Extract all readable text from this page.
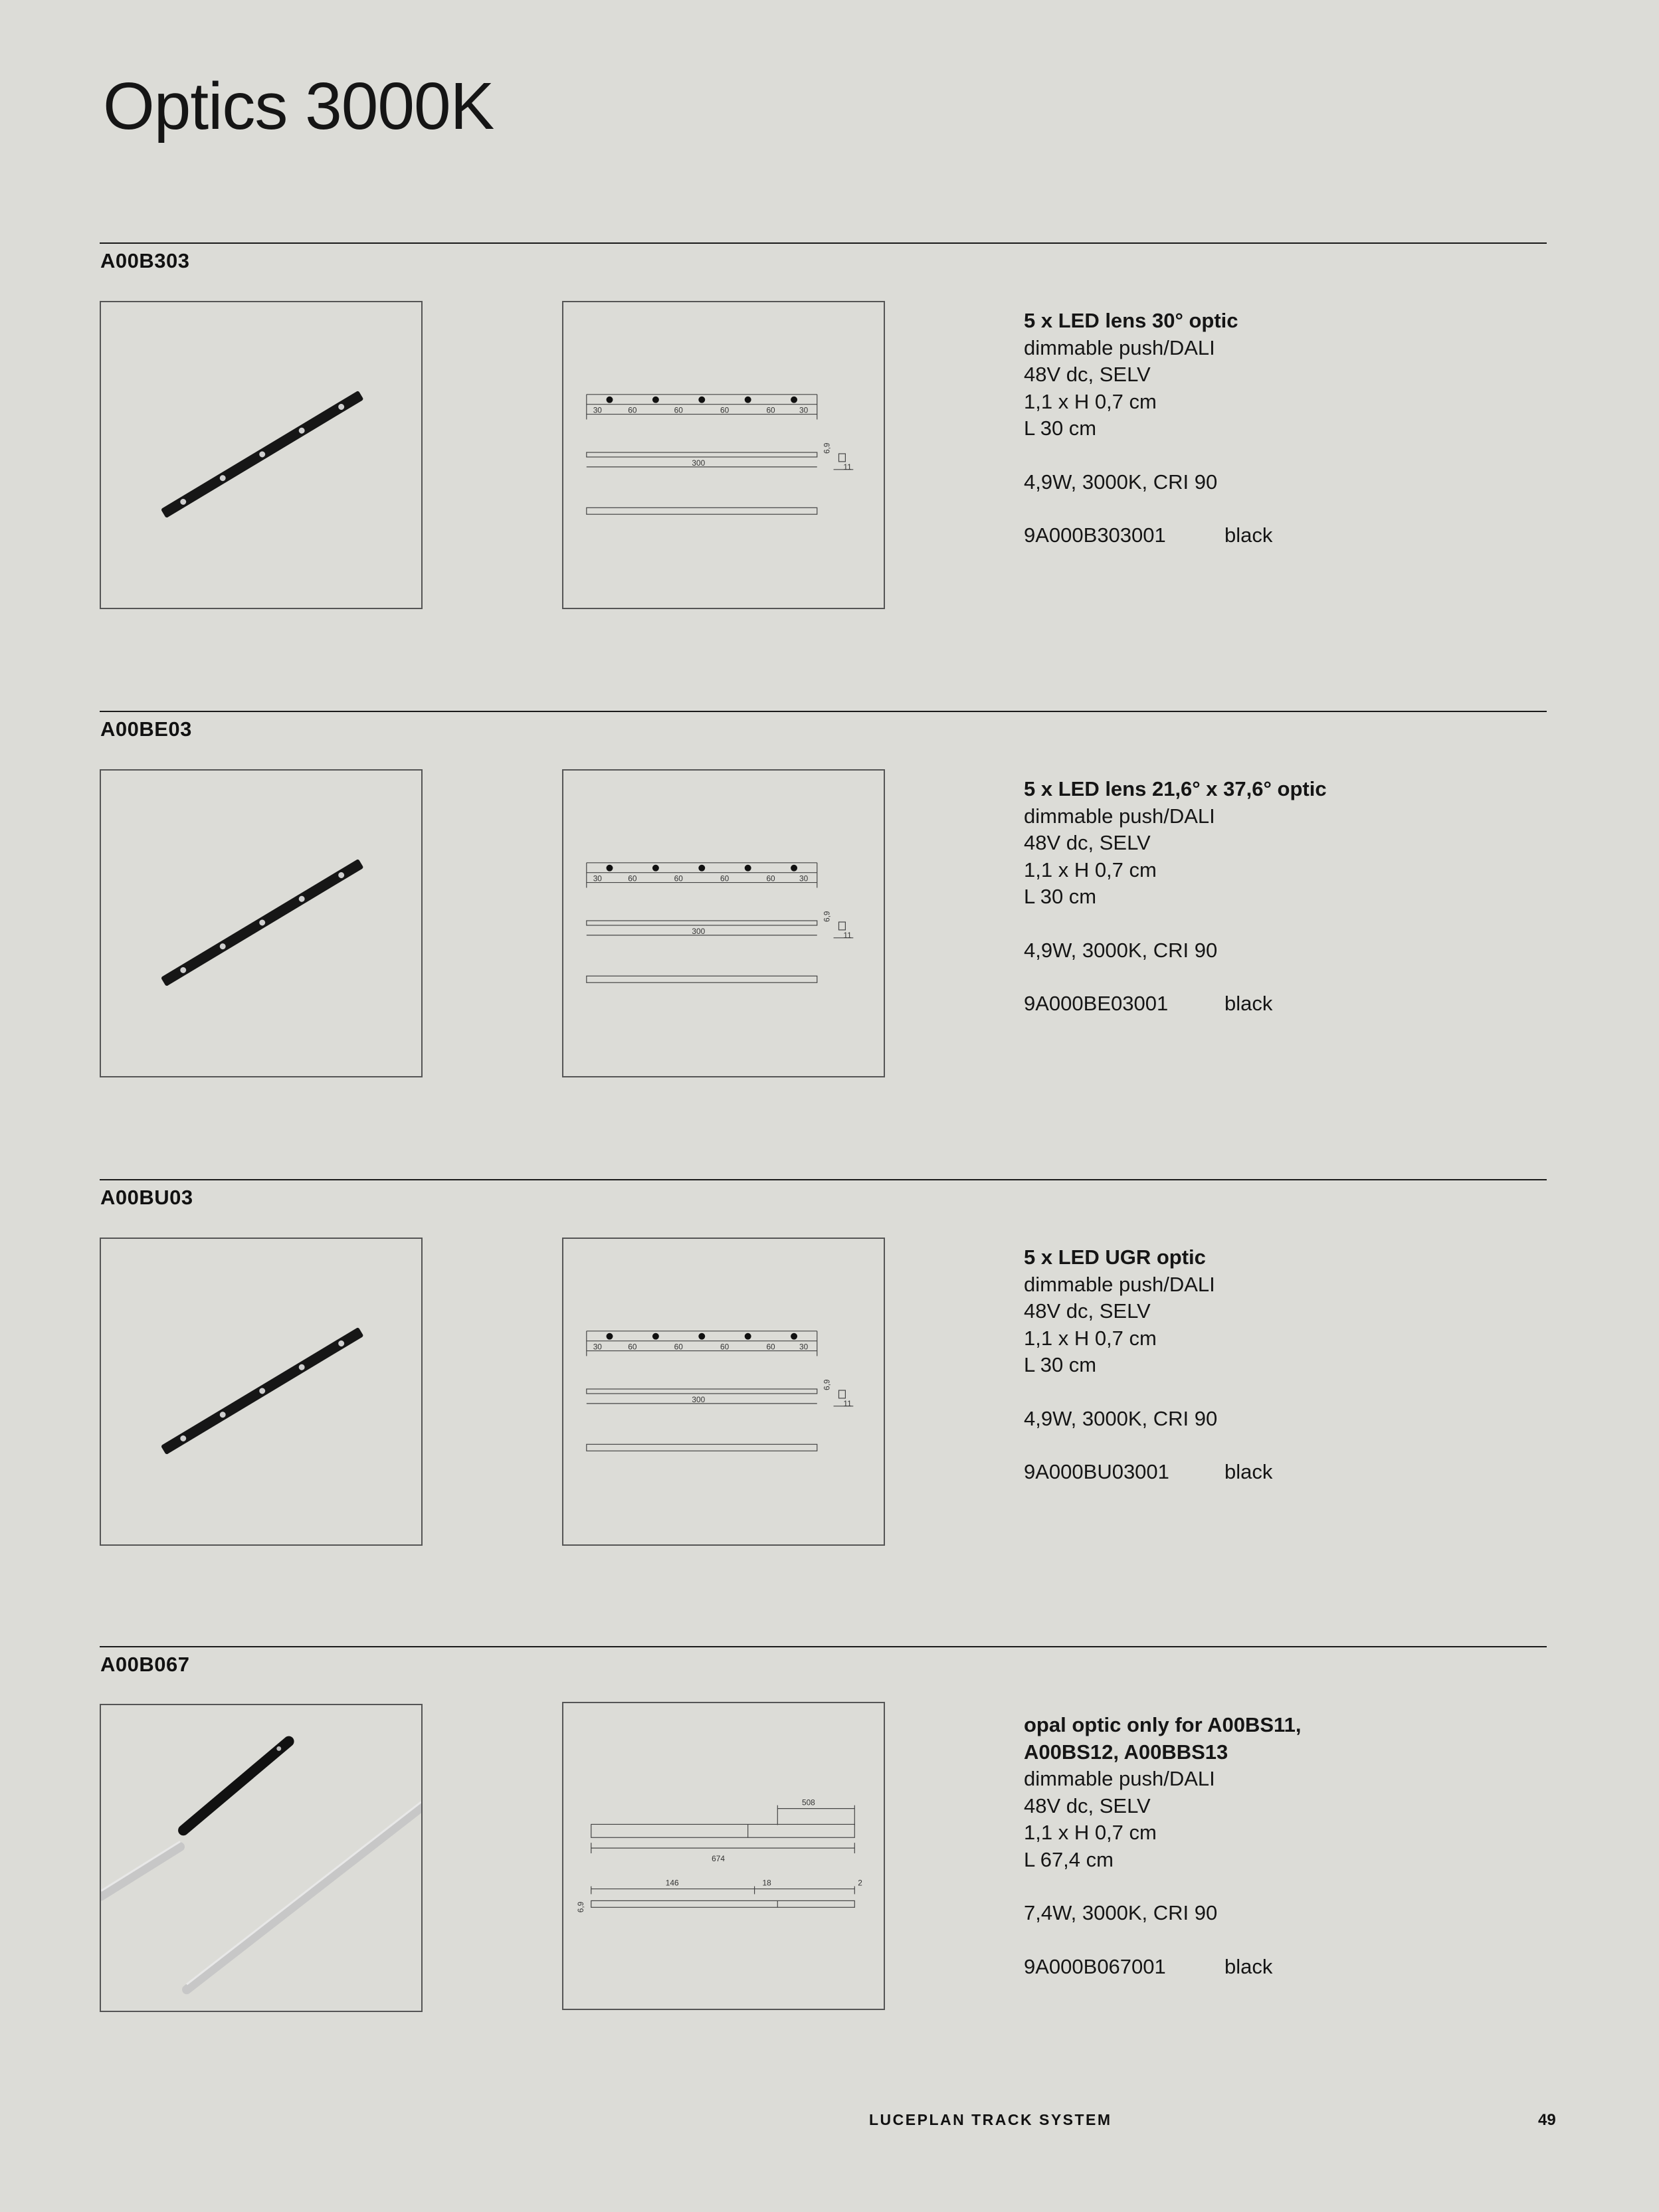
Optics 3000K
A00B303
30	60	60	60	60	30
300
6,9
11
5 x LED lens 30° optic
dimmable push/DALI
48V dc, SELV
1,1 x H 0,7 cm
L 30 cm
4,9W, 3000K, CRI 90
9A000B303001	black
A00BE03
30	60	60	60	60	30
300
6,9
11
5 x LED lens 21,6° x 37,6° optic
dimmable push/DALI
48V dc, SELV
1,1 x H 0,7 cm
L 30 cm
4,9W, 3000K, CRI 90
9A000BE03001	black
A00BU03
30	60	60	60	60	30
300
6,9
11
5 x LED UGR optic
dimmable push/DALI
48V dc, SELV
1,1 x H 0,7 cm
L 30 cm
4,9W, 3000K, CRI 90
9A000BU03001	black
A00B067
508
674
146	18	2
6,9
opal optic only for A00BS11,
A00BS12, A00BBS13
dimmable push/DALI
48V dc, SELV
1,1 x H 0,7 cm
L 67,4 cm
7,4W, 3000K, CRI 90
9A000B067001	black
LUCEPLAN TRACK SYSTEM	49
